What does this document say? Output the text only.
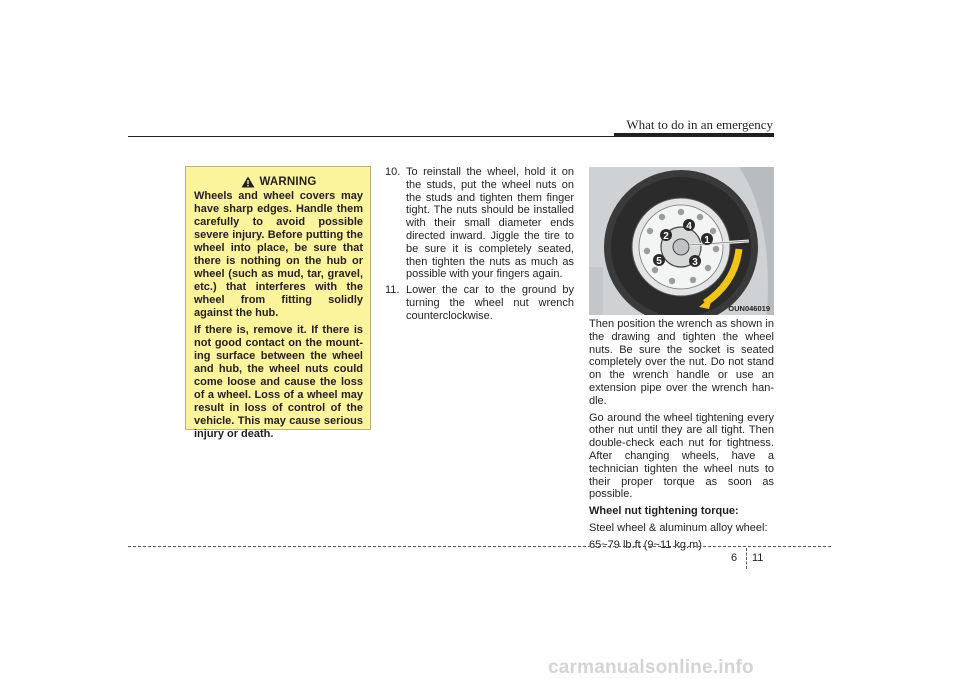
What to do in an emergency
WARNING

Wheels and wheel covers may have sharp edges. Handle them carefully to avoid possible severe injury. Before putting the wheel into place, be sure that there is nothing on the hub or wheel (such as mud, tar, gravel, etc.) that interferes with the wheel from fitting solidly against the hub.

If there is, remove it. If there is not good contact on the mount-ing surface between the wheel and hub, the wheel nuts could come loose and cause the loss of a wheel. Loss of a wheel may result in loss of control of the vehicle. This may cause serious injury or death.

10. To reinstall the wheel, hold it on the studs, put the wheel nuts on the studs and tighten them finger tight. The nuts should be installed with their small diameter ends directed inward. Jiggle the tire to be sure it is completely seated, then tighten the nuts as much as possible with your fingers again.
11. Lower the car to the ground by turning the wheel nut wrench counterclockwise.
1
2
3
4
5
OUN046019

Then position the wrench as shown in the drawing and tighten the wheel nuts. Be sure the socket is seated completely over the nut. Do not stand on the wrench handle or use an extension pipe over the wrench han-dle.

Go around the wheel tightening every other nut until they are all tight. Then double-check each nut for tightness. After changing wheels, have a technician tighten the wheel nuts to their proper torque as soon as possible.

Wheel nut tightening torque:

Steel wheel & aluminum alloy wheel:

65~79 lb.ft (9~11 kg.m)

6 11
carmanualsonline.info
